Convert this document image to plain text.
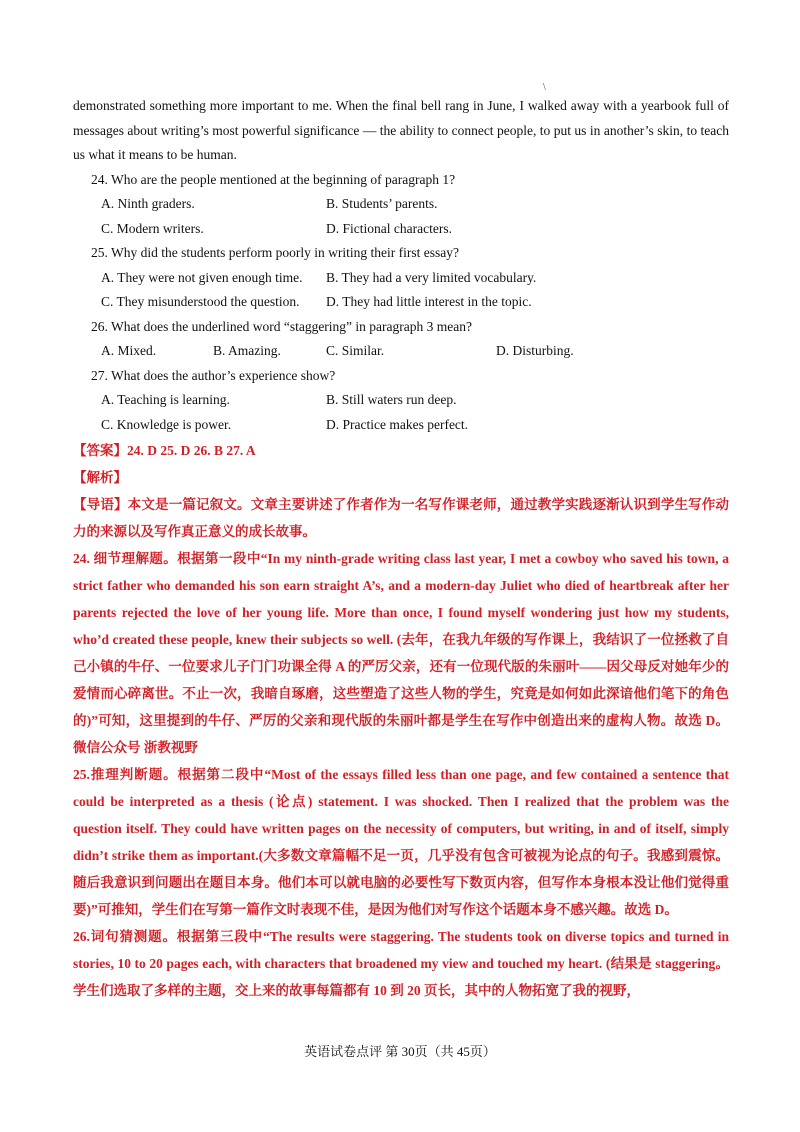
\
demonstrated something more important to me. When the final bell rang in June, I walked away with a yearbook full of messages about writing’s most powerful significance — the ability to connect people, to put us in another’s skin, to teach us what it means to be human.
24. Who are the people mentioned at the beginning of paragraph 1?
A. Ninth graders.	B. Students’ parents.
C. Modern writers.	D. Fictional characters.
25. Why did the students perform poorly in writing their first essay?
A. They were not given enough time. B. They had a very limited vocabulary.
C. They misunderstood the question. D. They had little interest in the topic.
26. What does the underlined word “staggering” in paragraph 3 mean?
A. Mixed.	B. Amazing.	C. Similar.	D. Disturbing.
27. What does the author’s experience show?
A. Teaching is learning.	B. Still waters run deep.
C. Knowledge is power.	D. Practice makes perfect.
【答案】24. D 25. D 26. B 27. A
【解析】
【导语】本文是一篇记叙文。文章主要讲述了作者作为一名写作课老师，通过教学实践逐渐认识到学生写作动力的来源以及写作真正意义的成长故事。
24. 细节理解题。根据第一段中“In my ninth-grade writing class last year, I met a cowboy who saved his town, a strict father who demanded his son earn straight A’s, and a modern-day Juliet who died of heartbreak after her parents rejected the love of her young life. More than once, I found myself wondering just how my students, who’d created these people, knew their subjects so well. (去年，在我九年级的写作课上，我结识了一位拯救了自己小镇的牛仔、一位要求儿子门门功课全得 A 的严厉父亲，还有一位现代版的朱丽叶——因父母反对她年少的爱情而心碎离世。不止一次，我暗自琢磨，这些塑造了这些人物的学生，究竟是如何如此深谙他们笔下的角色的)”可知，这里提到的牛仔、严厉的父亲和现代版的朱丽叶都是学生在写作中创造出来的虚构人物。故选 D。微信公众号 浙教视野
25.推理判断题。根据第二段中“Most of the essays filled less than one page, and few contained a sentence that could be interpreted as a thesis (论点) statement. I was shocked. Then I realized that the problem was the question itself. They could have written pages on the necessity of computers, but writing, in and of itself, simply didn’t strike them as important.(大多数文章篇幅不足一页，几乎没有包含可被视为论点的句子。我感到震惊。随后我意识到问题出在题目本身。他们本可以就电脑的必要性写下数页内容，但写作本身根本没让他们觉得重要)”可推知，学生们在写第一篇作文时表现不佳，是因为他们对写作这个话题本身不感兴趣。故选 D。
26.词句猜测题。根据第三段中“The results were staggering. The students took on diverse topics and turned in stories, 10 to 20 pages each, with characters that broadened my view and touched my heart. (结果是 staggering。学生们选取了多样的主题，交上来的故事每篇都有 10 到 20 页长，其中的人物拓宽了我的视野，
英语试卷点评 第 30页（共 45页）
